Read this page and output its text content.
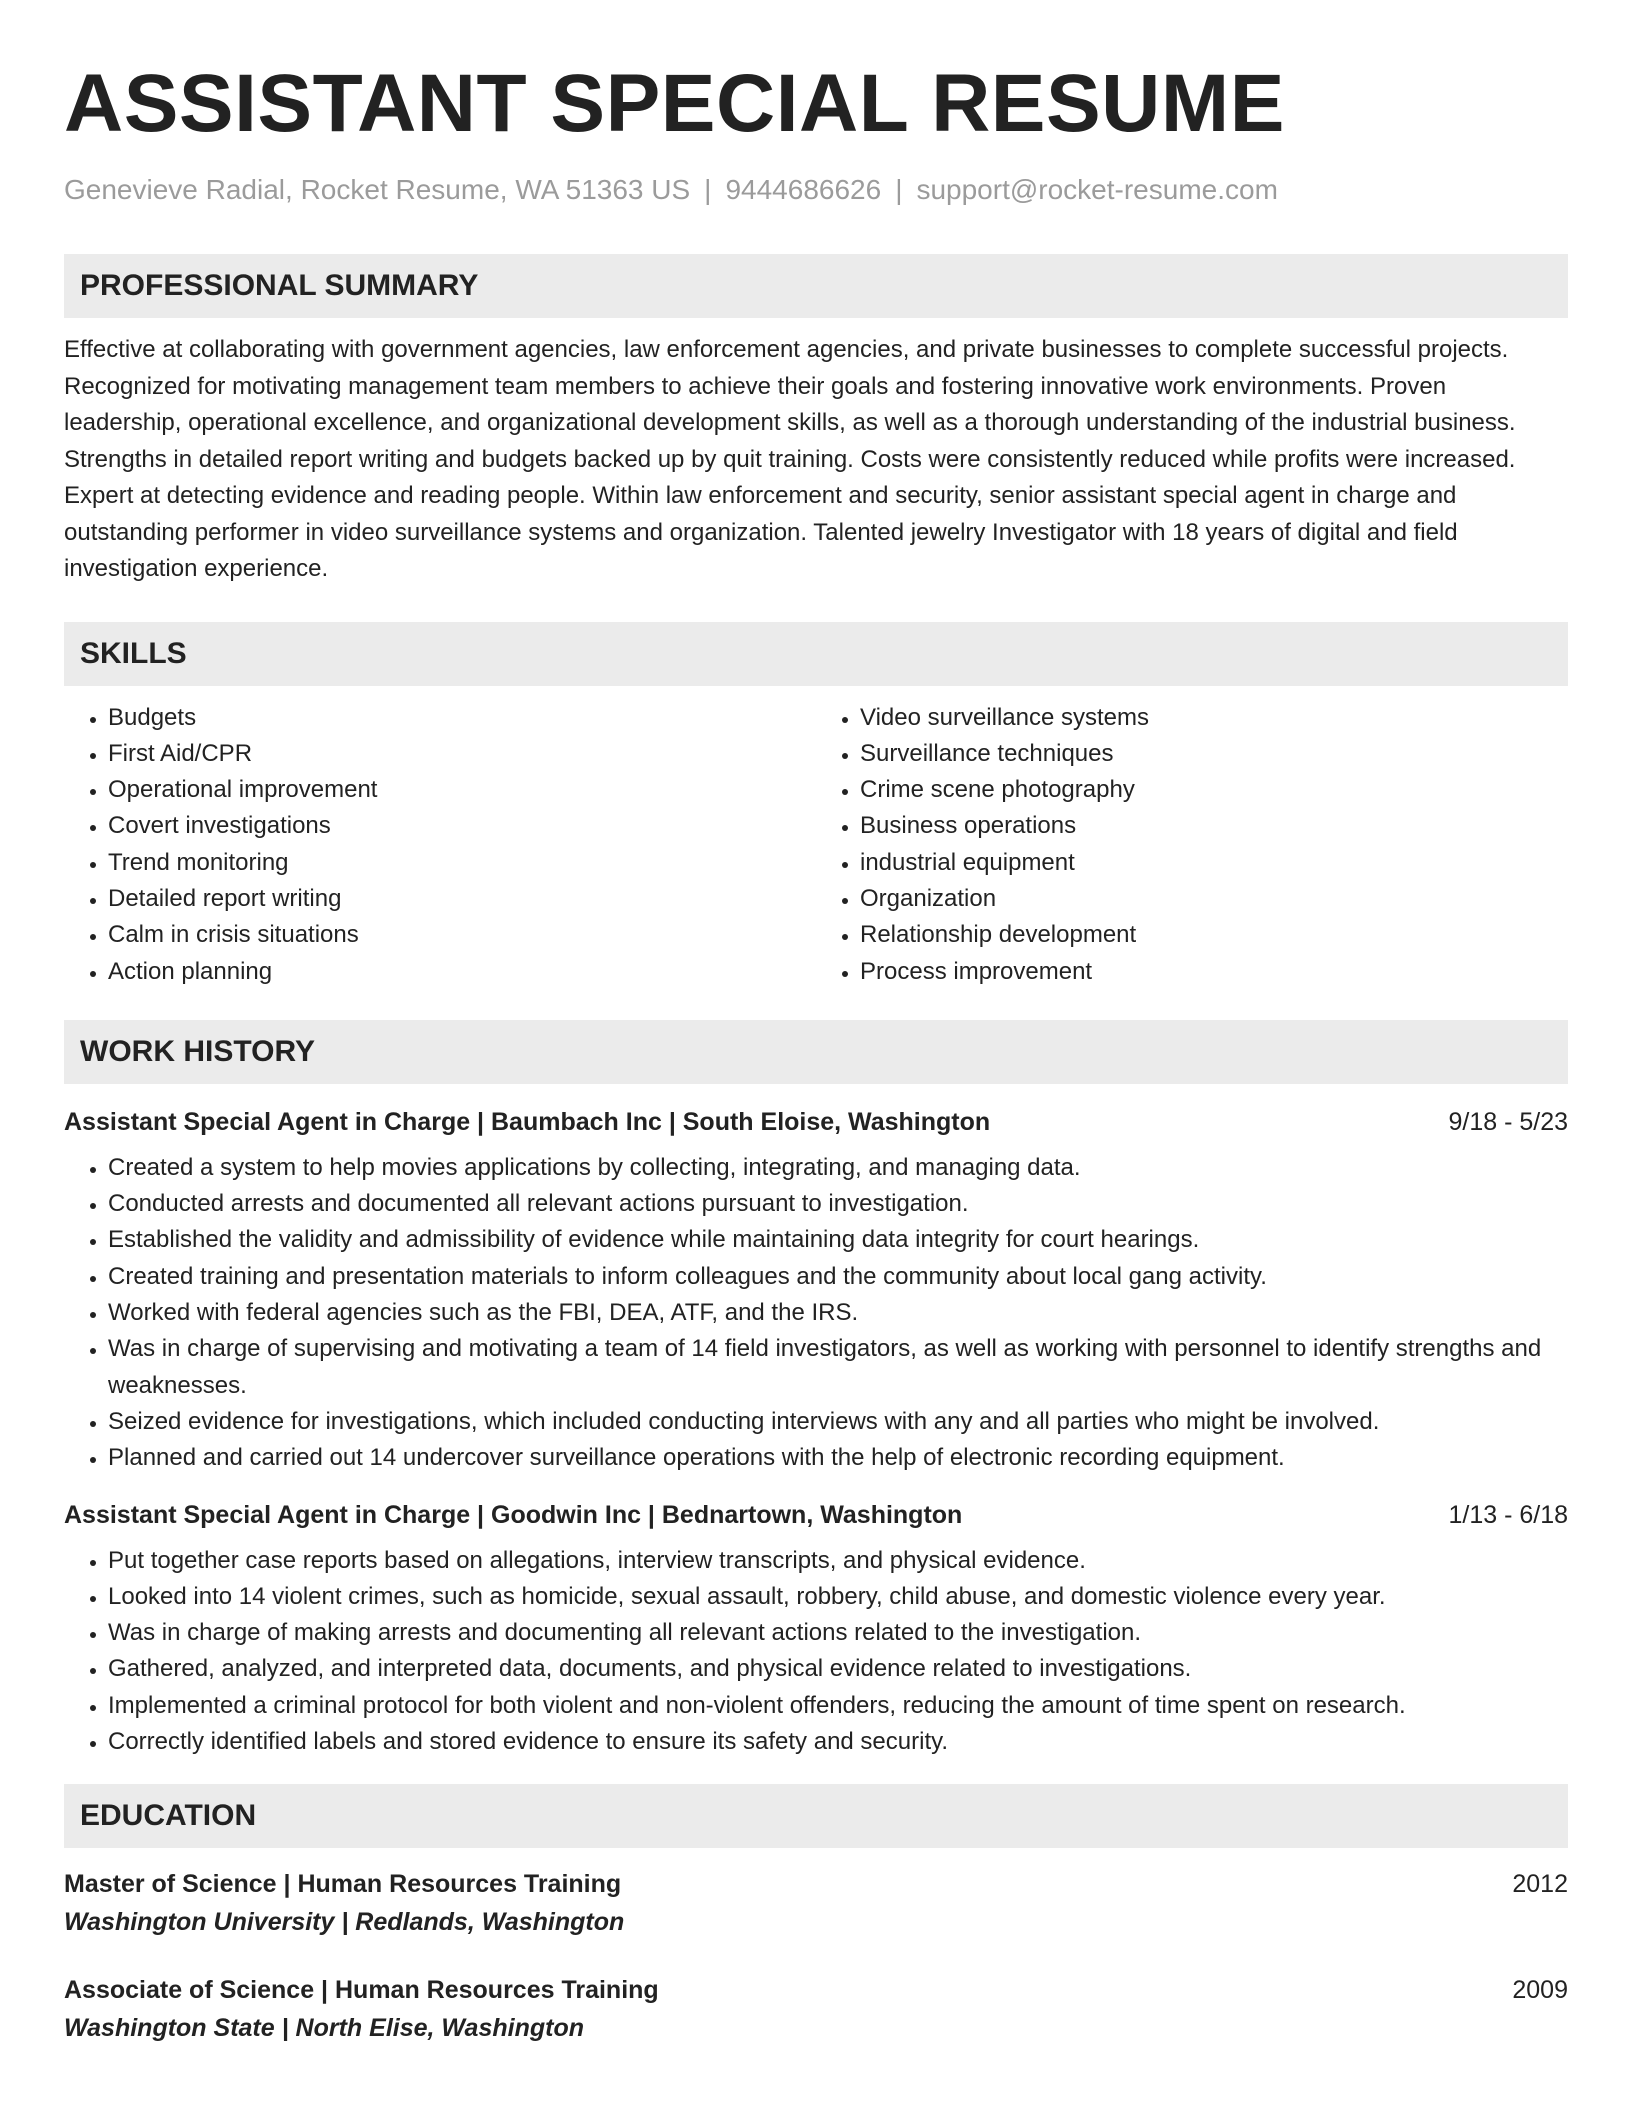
ASSISTANT SPECIAL RESUME
Genevieve Radial, Rocket Resume, WA 51363 US | 9444686626 | support@rocket-resume.com
PROFESSIONAL SUMMARY
Effective at collaborating with government agencies, law enforcement agencies, and private businesses to complete successful projects. Recognized for motivating management team members to achieve their goals and fostering innovative work environments. Proven leadership, operational excellence, and organizational development skills, as well as a thorough understanding of the industrial business. Strengths in detailed report writing and budgets backed up by quit training. Costs were consistently reduced while profits were increased. Expert at detecting evidence and reading people. Within law enforcement and security, senior assistant special agent in charge and outstanding performer in video surveillance systems and organization. Talented jewelry Investigator with 18 years of digital and field investigation experience.
SKILLS
• Budgets
• First Aid/CPR
• Operational improvement
• Covert investigations
• Trend monitoring
• Detailed report writing
• Calm in crisis situations
• Action planning
• Video surveillance systems
• Surveillance techniques
• Crime scene photography
• Business operations
• industrial equipment
• Organization
• Relationship development
• Process improvement
WORK HISTORY
Assistant Special Agent in Charge | Baumbach Inc | South Eloise, Washington	9/18 - 5/23
• Created a system to help movies applications by collecting, integrating, and managing data.
• Conducted arrests and documented all relevant actions pursuant to investigation.
• Established the validity and admissibility of evidence while maintaining data integrity for court hearings.
• Created training and presentation materials to inform colleagues and the community about local gang activity.
• Worked with federal agencies such as the FBI, DEA, ATF, and the IRS.
• Was in charge of supervising and motivating a team of 14 field investigators, as well as working with personnel to identify strengths and weaknesses.
• Seized evidence for investigations, which included conducting interviews with any and all parties who might be involved.
• Planned and carried out 14 undercover surveillance operations with the help of electronic recording equipment.
Assistant Special Agent in Charge | Goodwin Inc | Bednartown, Washington	1/13 - 6/18
• Put together case reports based on allegations, interview transcripts, and physical evidence.
• Looked into 14 violent crimes, such as homicide, sexual assault, robbery, child abuse, and domestic violence every year.
• Was in charge of making arrests and documenting all relevant actions related to the investigation.
• Gathered, analyzed, and interpreted data, documents, and physical evidence related to investigations.
• Implemented a criminal protocol for both violent and non-violent offenders, reducing the amount of time spent on research.
• Correctly identified labels and stored evidence to ensure its safety and security.
EDUCATION
Master of Science | Human Resources Training	2012
Washington University | Redlands, Washington
Associate of Science | Human Resources Training	2009
Washington State | North Elise, Washington
